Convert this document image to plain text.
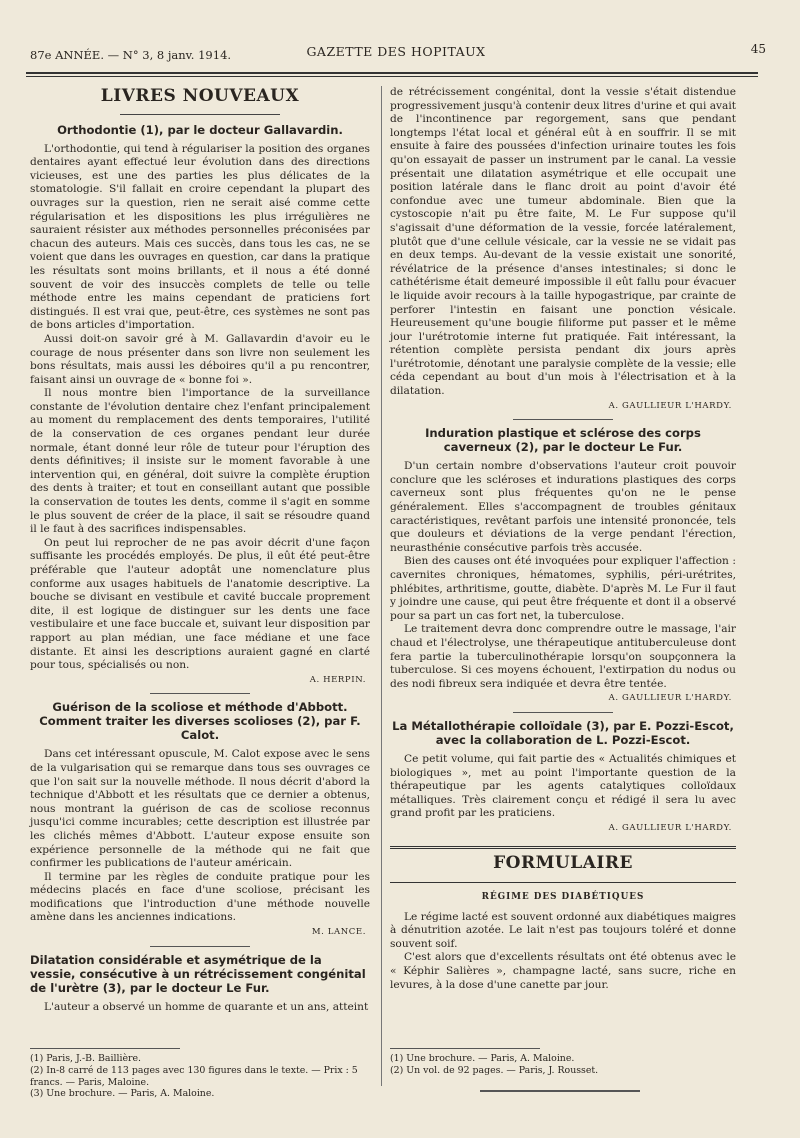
87e ANNÉE. — N° 3, 8 janv. 1914.	GAZETTE DES HOPITAUX	45
LIVRES NOUVEAUX
Orthodontie (1), par le docteur Gallavardin.

L'orthodontie, qui tend à régulariser la position des organes dentaires ayant effectué leur évolution dans des directions vicieuses, est une des parties les plus délicates de la stomatologie. S'il fallait en croire cependant la plupart des ouvrages sur la question, rien ne serait aisé comme cette régularisation et les dispositions les plus irrégulières ne sauraient résister aux méthodes personnelles préconisées par chacun des auteurs. Mais ces succès, dans tous les cas, ne se voient que dans les ouvrages en question, car dans la pratique les résultats sont moins brillants, et il nous a été donné souvent de voir des insuccès complets de telle ou telle méthode entre les mains cependant de praticiens fort distingués. Il est vrai que, peut-être, ces systèmes ne sont pas de bons articles d'importation.

Aussi doit-on savoir gré à M. Gallavardin d'avoir eu le courage de nous présenter dans son livre non seulement les bons résultats, mais aussi les déboires qu'il a pu rencontrer, faisant ainsi un ouvrage de « bonne foi ».

Il nous montre bien l'importance de la surveillance constante de l'évolution dentaire chez l'enfant principalement au moment du remplacement des dents temporaires, l'utilité de la conservation de ces organes pendant leur durée normale, étant donné leur rôle de tuteur pour l'éruption des dents définitives; il insiste sur le moment favorable à une intervention qui, en général, doit suivre la complète éruption des dents à traiter; et tout en conseillant autant que possible la conservation de toutes les dents, comme il s'agit en somme le plus souvent de créer de la place, il sait se résoudre quand il le faut à des sacrifices indispensables.

On peut lui reprocher de ne pas avoir décrit d'une façon suffisante les procédés employés. De plus, il eût été peut-être préférable que l'auteur adoptât une nomenclature plus conforme aux usages habituels de l'anatomie descriptive. La bouche se divisant en vestibule et cavité buccale proprement dite, il est logique de distinguer sur les dents une face vestibulaire et une face buccale et, suivant leur disposition par rapport au plan médian, une face médiane et une face distante. Et ainsi les descriptions auraient gagné en clarté pour tous, spécialisés ou non.

A. HERPIN.
Guérison de la scoliose et méthode d'Abbott. Comment traiter les diverses scolioses (2), par F. Calot.

Dans cet intéressant opuscule, M. Calot expose avec le sens de la vulgarisation qui se remarque dans tous ses ouvrages ce que l'on sait sur la nouvelle méthode. Il nous décrit d'abord la technique d'Abbott et les résultats que ce dernier a obtenus, nous montrant la guérison de cas de scoliose reconnus jusqu'ici comme incurables; cette description est illustrée par les clichés mêmes d'Abbott. L'auteur expose ensuite son expérience personnelle de la méthode qui ne fait que confirmer les publications de l'auteur américain.

Il termine par les règles de conduite pratique pour les médecins placés en face d'une scoliose, précisant les modifications que l'introduction d'une méthode nouvelle amène dans les anciennes indications.

M. LANCE.
Dilatation considérable et asymétrique de la vessie, consécutive à un rétrécissement congénital de l'urètre (3), par le docteur Le Fur.

L'auteur a observé un homme de quarante et un ans, atteint

de rétrécissement congénital, dont la vessie s'était distendue progressivement jusqu'à contenir deux litres d'urine et qui avait de l'incontinence par regorgement, sans que pendant longtemps l'état local et général eût à en souffrir. Il se mit ensuite à faire des poussées d'infection urinaire toutes les fois qu'on essayait de passer un instrument par le canal. La vessie présentait une dilatation asymétrique et elle occupait une position latérale dans le flanc droit au point d'avoir été confondue avec une tumeur abdominale. Bien que la cystoscopie n'ait pu être faite, M. Le Fur suppose qu'il s'agissait d'une déformation de la vessie, forcée latéralement, plutôt que d'une cellule vésicale, car la vessie ne se vidait pas en deux temps. Au-devant de la vessie existait une sonorité, révélatrice de la présence d'anses intestinales; si donc le cathétérisme était demeuré impossible il eût fallu pour évacuer le liquide avoir recours à la taille hypogastrique, par crainte de perforer l'intestin en faisant une ponction vésicale. Heureusement qu'une bougie filiforme put passer et le même jour l'urétrotomie interne fut pratiquée. Fait intéressant, la rétention complète persista pendant dix jours après l'urétrotomie, dénotant une paralysie complète de la vessie; elle céda cependant au bout d'un mois à l'électrisation et à la dilatation.

A. GAULLIEUR L'HARDY.
Induration plastique et sclérose des corps caverneux (2), par le docteur Le Fur.

D'un certain nombre d'observations l'auteur croit pouvoir conclure que les scléroses et indurations plastiques des corps caverneux sont plus fréquentes qu'on ne le pense généralement. Elles s'accompagnent de troubles génitaux caractéristiques, revêtant parfois une intensité prononcée, tels que douleurs et déviations de la verge pendant l'érection, neurasthénie consécutive parfois très accusée.

Bien des causes ont été invoquées pour expliquer l'affection : cavernites chroniques, hématomes, syphilis, péri-urétrites, phlébites, arthritisme, goutte, diabète. D'après M. Le Fur il faut y joindre une cause, qui peut être fréquente et dont il a observé pour sa part un cas fort net, la tuberculose.

Le traitement devra donc comprendre outre le massage, l'air chaud et l'électrolyse, une thérapeutique antituberculeuse dont fera partie la tuberculinothérapie lorsqu'on soupçonnera la tuberculose. Si ces moyens échouent, l'extirpation du nodus ou des nodi fibreux sera indiquée et devra être tentée.

A. GAULLIEUR L'HARDY.
La Métallothérapie colloïdale (3), par E. Pozzi-Escot, avec la collaboration de L. Pozzi-Escot.

Ce petit volume, qui fait partie des « Actualités chimiques et biologiques », met au point l'importante question de la thérapeutique par les agents catalytiques colloïdaux métalliques. Très clairement conçu et rédigé il sera lu avec grand profit par les praticiens.

A. GAULLIEUR L'HARDY.
FORMULAIRE
RÉGIME DES DIABÉTIQUES

Le régime lacté est souvent ordonné aux diabétiques maigres à dénutrition azotée. Le lait n'est pas toujours toléré et donne souvent soif.

C'est alors que d'excellents résultats ont été obtenus avec le « Képhir Salières », champagne lacté, sans sucre, riche en levures, à la dose d'une canette par jour.

(1) Paris, J.-B. Baillière.
(2) In-8 carré de 113 pages avec 130 figures dans le texte. — Prix : 5 francs. — Paris, Maloine.
(3) Une brochure. — Paris, A. Maloine.
(1) Une brochure. — Paris, A. Maloine.
(2) Un vol. de 92 pages. — Paris, J. Rousset.
